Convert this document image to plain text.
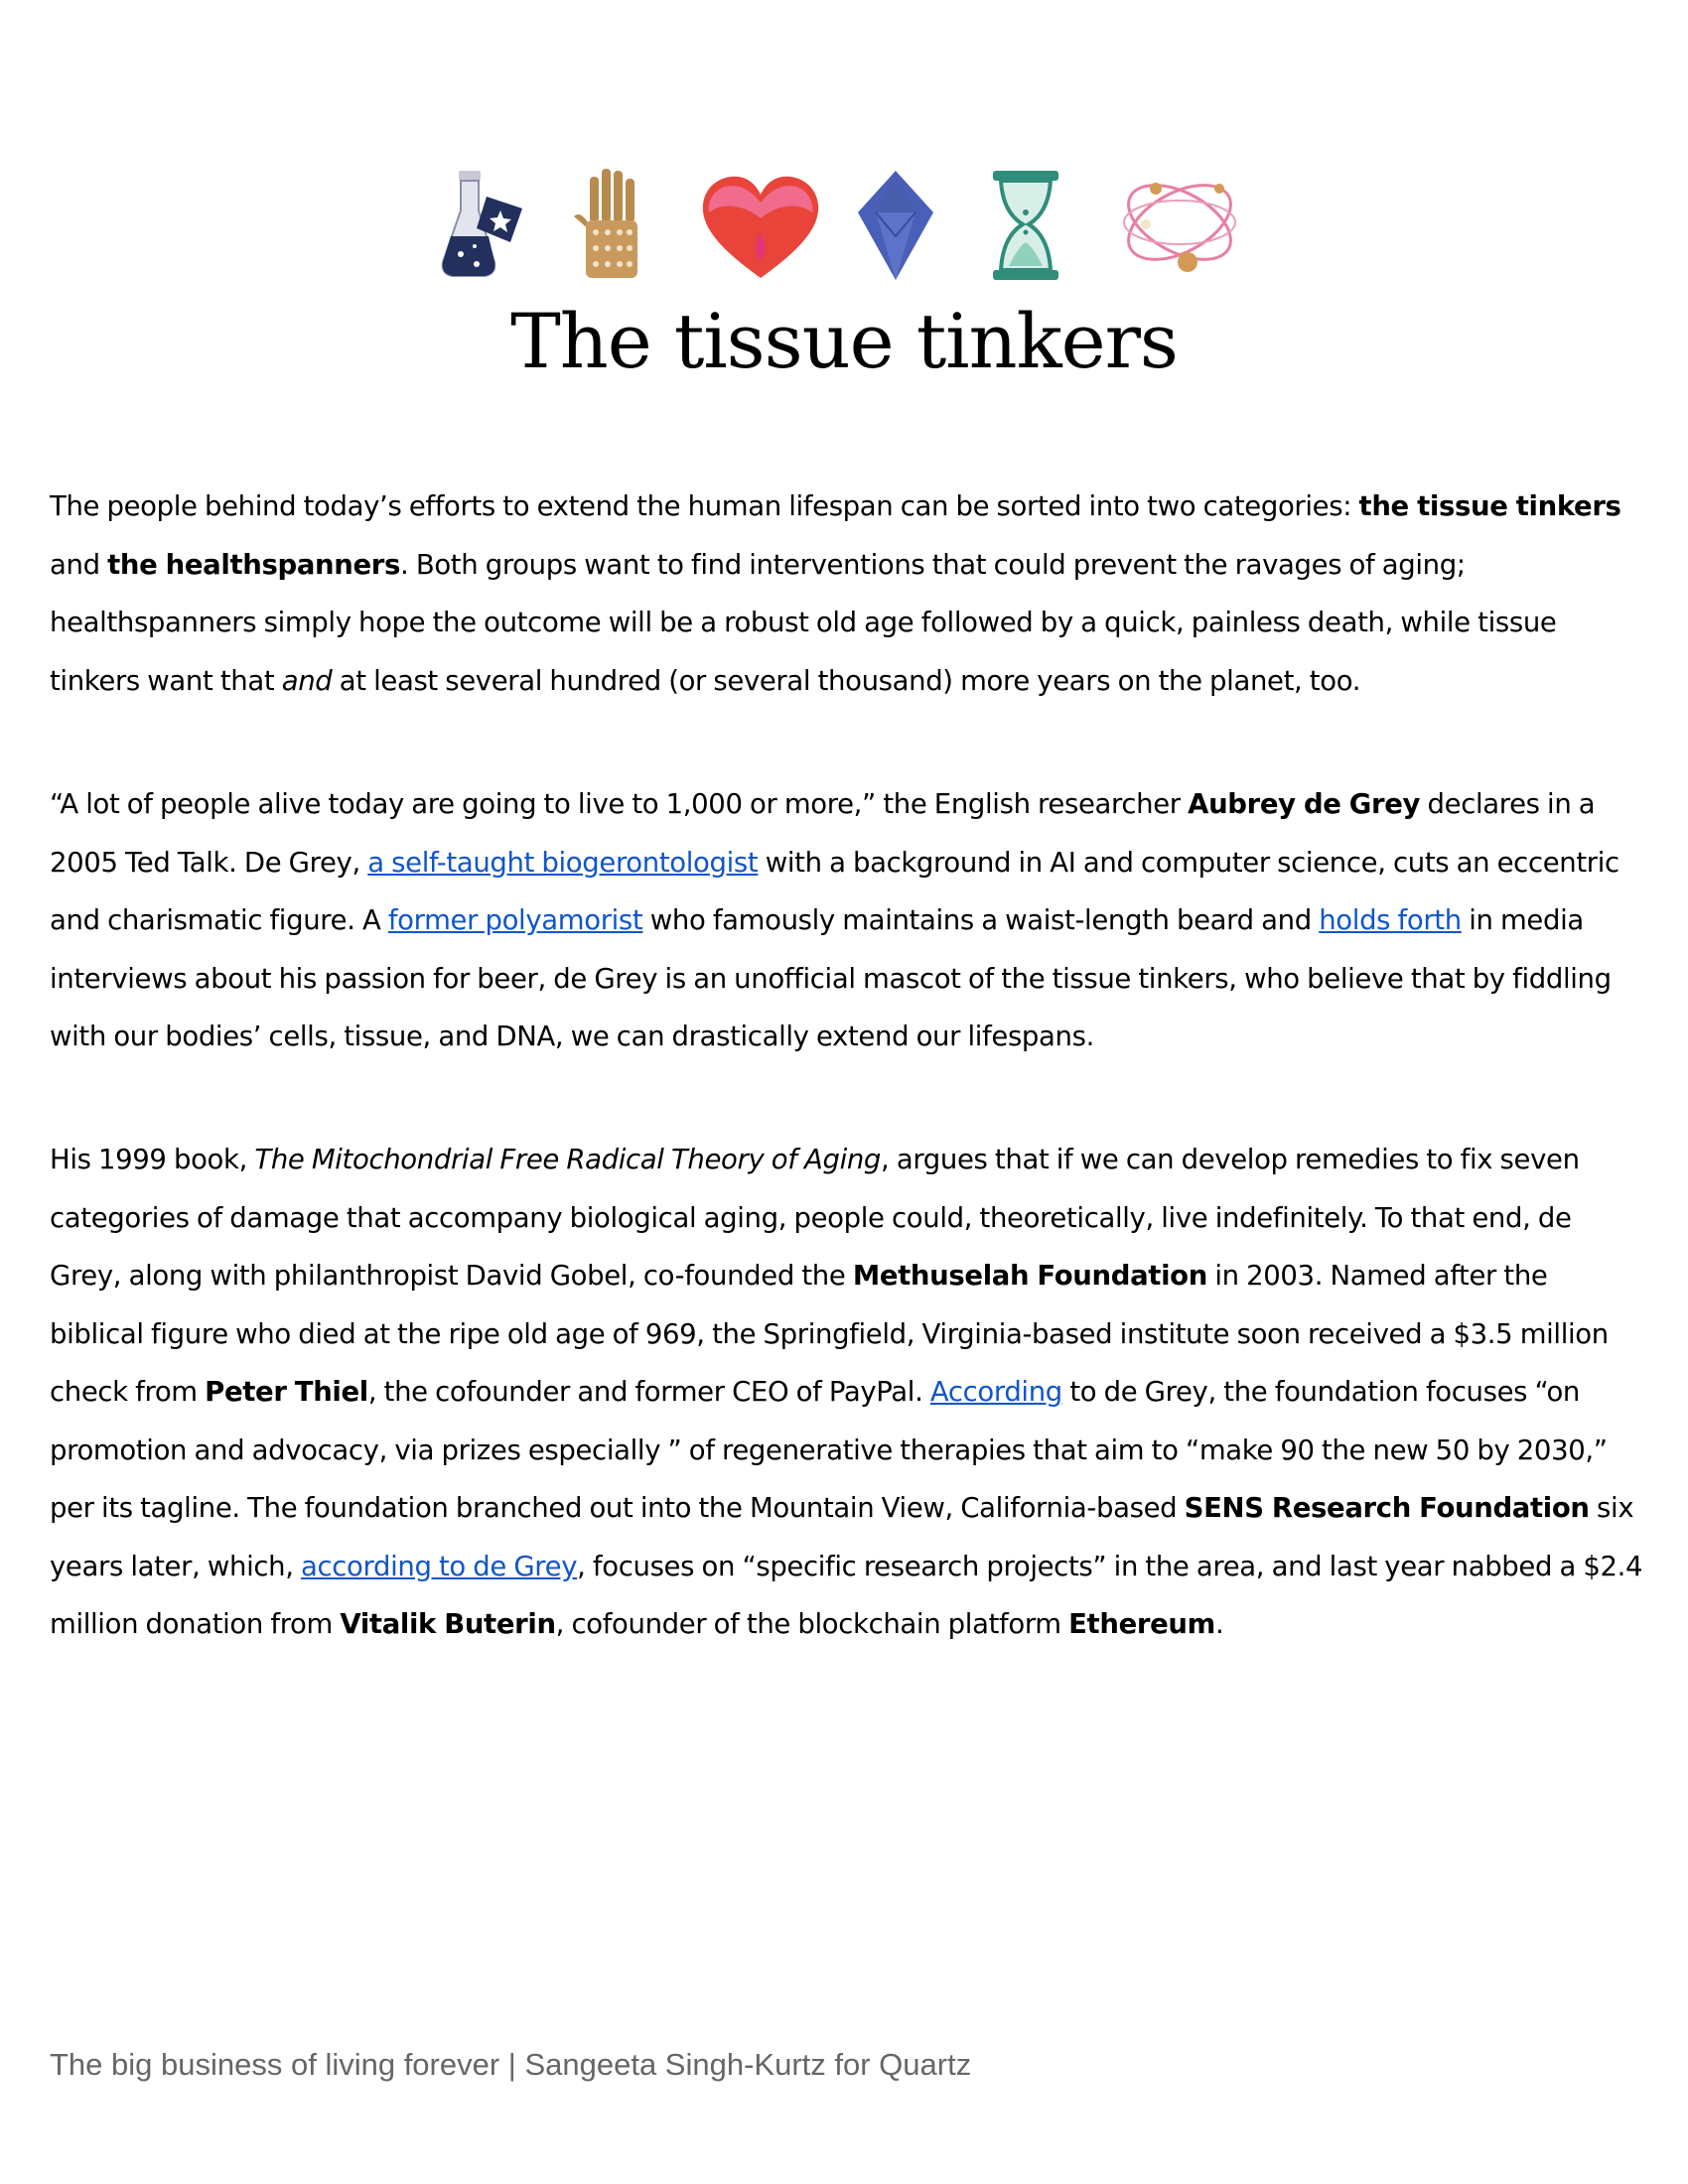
The tissue tinkers

The people behind today’s efforts to extend the human lifespan can be sorted into two categories: the tissue tinkers and the healthspanners. Both groups want to find interventions that could prevent the ravages of aging; healthspanners simply hope the outcome will be a robust old age followed by a quick, painless death, while tissue tinkers want that and at least several hundred (or several thousand) more years on the planet, too.

“A lot of people alive today are going to live to 1,000 or more,” the English researcher Aubrey de Grey declares in a 2005 Ted Talk. De Grey, a self-taught biogerontologist with a background in AI and computer science, cuts an eccentric and charismatic figure. A former polyamorist who famously maintains a waist-length beard and holds forth in media interviews about his passion for beer, de Grey is an unofficial mascot of the tissue tinkers, who believe that by fiddling with our bodies’ cells, tissue, and DNA, we can drastically extend our lifespans.

His 1999 book, The Mitochondrial Free Radical Theory of Aging, argues that if we can develop remedies to fix seven categories of damage that accompany biological aging, people could, theoretically, live indefinitely. To that end, de Grey, along with philanthropist David Gobel, co-founded the Methuselah Foundation in 2003. Named after the biblical figure who died at the ripe old age of 969, the Springfield, Virginia-based institute soon received a $3.5 million check from Peter Thiel, the cofounder and former CEO of PayPal. According to de Grey, the foundation focuses “on promotion and advocacy, via prizes especially ” of regenerative therapies that aim to “make 90 the new 50 by 2030,” per its tagline. The foundation branched out into the Mountain View, California-based SENS Research Foundation six years later, which, according to de Grey, focuses on “specific research projects” in the area, and last year nabbed a $2.4 million donation from Vitalik Buterin, cofounder of the blockchain platform Ethereum.

The big business of living forever | Sangeeta Singh-Kurtz for Quartz
